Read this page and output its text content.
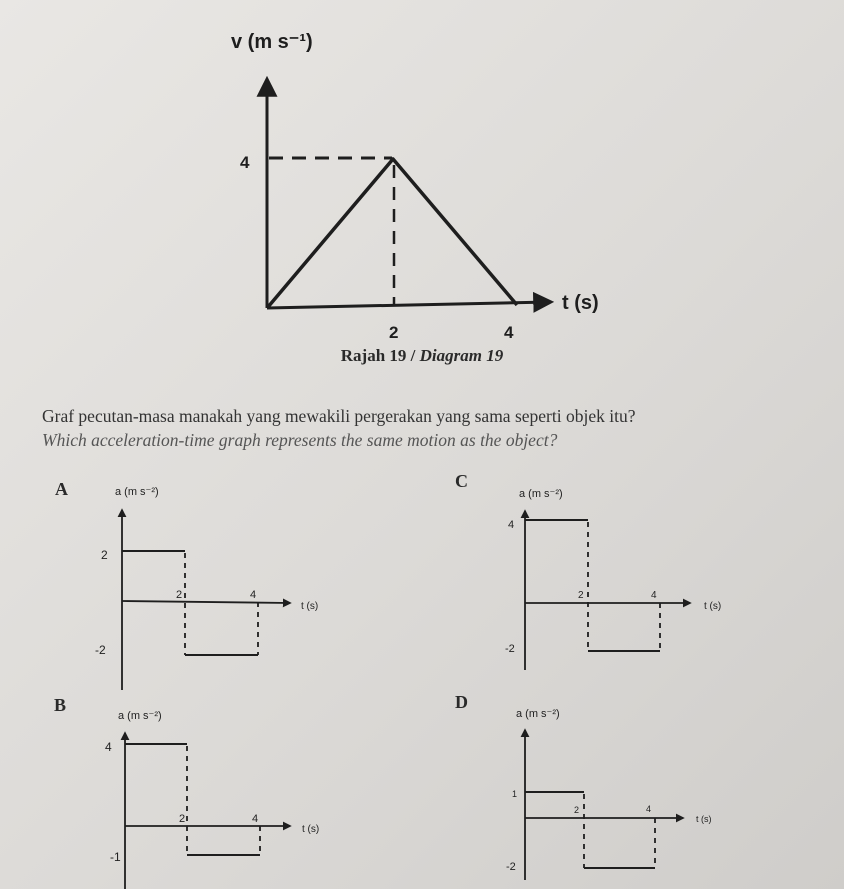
v (m s⁻¹)
t (s)
4
2	4
a (m s⁻²)
t (s)
2
-2
2	4
a (m s⁻²)
t (s)
4
-1
2	4
a (m s⁻²)
t (s)
4
-2
2	4
a (m s⁻²)
t (s)
1
-2
2	4
Rajah 19 / Diagram 19
Graf pecutan-masa manakah yang mewakili pergerakan yang sama seperti objek itu?
Which acceleration-time graph represents the same motion as the object?
A
B
C
D
